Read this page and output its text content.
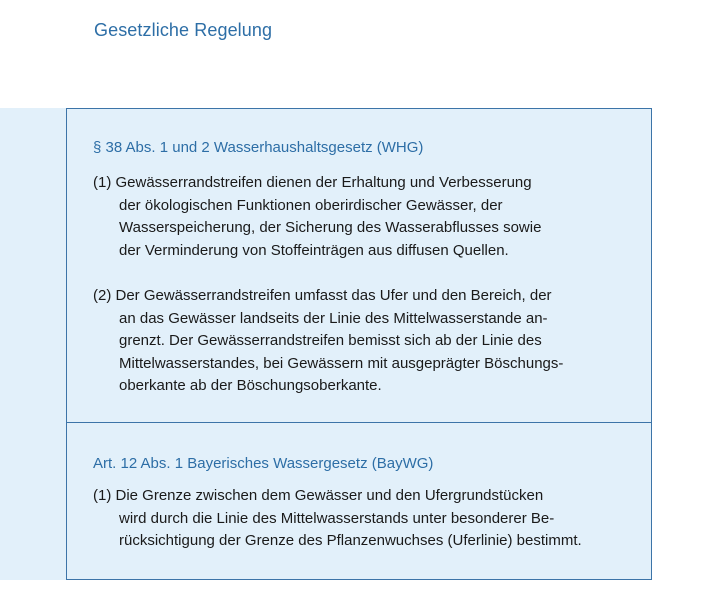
Gesetzliche Regelung
§ 38 Abs. 1 und 2 Wasserhaushaltsgesetz (WHG)
(1) Gewässerrandstreifen dienen der Erhaltung und Verbesserung
der ökologischen Funktionen oberirdischer Gewässer, der
Wasserspeicherung, der Sicherung des Wasserabflusses sowie
der Verminderung von Stoffeinträgen aus diffusen Quellen.
(2) Der Gewässerrandstreifen umfasst das Ufer und den Bereich, der
an das Gewässer landseits der Linie des Mittelwasserstande an-
grenzt. Der Gewässerrandstreifen bemisst sich ab der Linie des
Mittelwasserstandes, bei Gewässern mit ausgeprägter Böschungs-
oberkante ab der Böschungsoberkante.
Art. 12 Abs. 1 Bayerisches Wassergesetz (BayWG)
(1) Die Grenze zwischen dem Gewässer und den Ufergrundstücken
wird durch die Linie des Mittelwasserstands unter besonderer Be-
rücksichtigung der Grenze des Pflanzenwuchses (Uferlinie) bestimmt.
